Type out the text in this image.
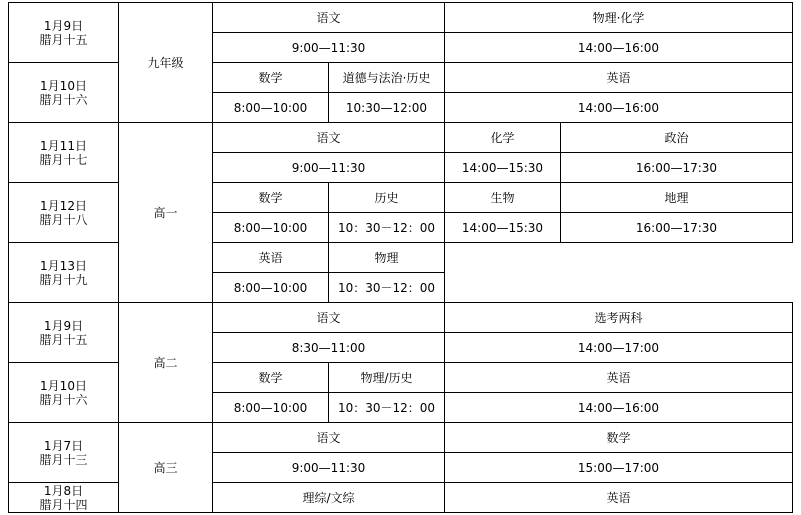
1月9日
腊月十五	九年级	语文		物理·化学	
		9:00—11:30		14:00—16:00	

1月10日
腊月十六		数学	道德与法治·历史	英语	
		8:00—10:00	10:30—12:00	14:00—16:00	

1月11日
腊月十七	高一	语文		化学	政治
		9:00—11:30		14:00—15:30	16:00—17:30

1月12日
腊月十八		数学	历史	生物	地理
		8:00—10:00	10：30－12：00	14:00—15:30	16:00—17:30

1月13日
腊月十九		英语	物理		
		8:00—10:00	10：30－12：00		

1月9日
腊月十五	高二	语文		选考两科	
		8:30—11:00		14:00—17:00	

1月10日
腊月十六		数学	物理/历史	英语	
		8:00—10:00	10：30－12：00	14:00—16:00	

1月7日
腊月十三	高三	语文		数学	
		9:00—11:30		15:00—17:00	

1月8日
腊月十四		理综/文综		英语	
